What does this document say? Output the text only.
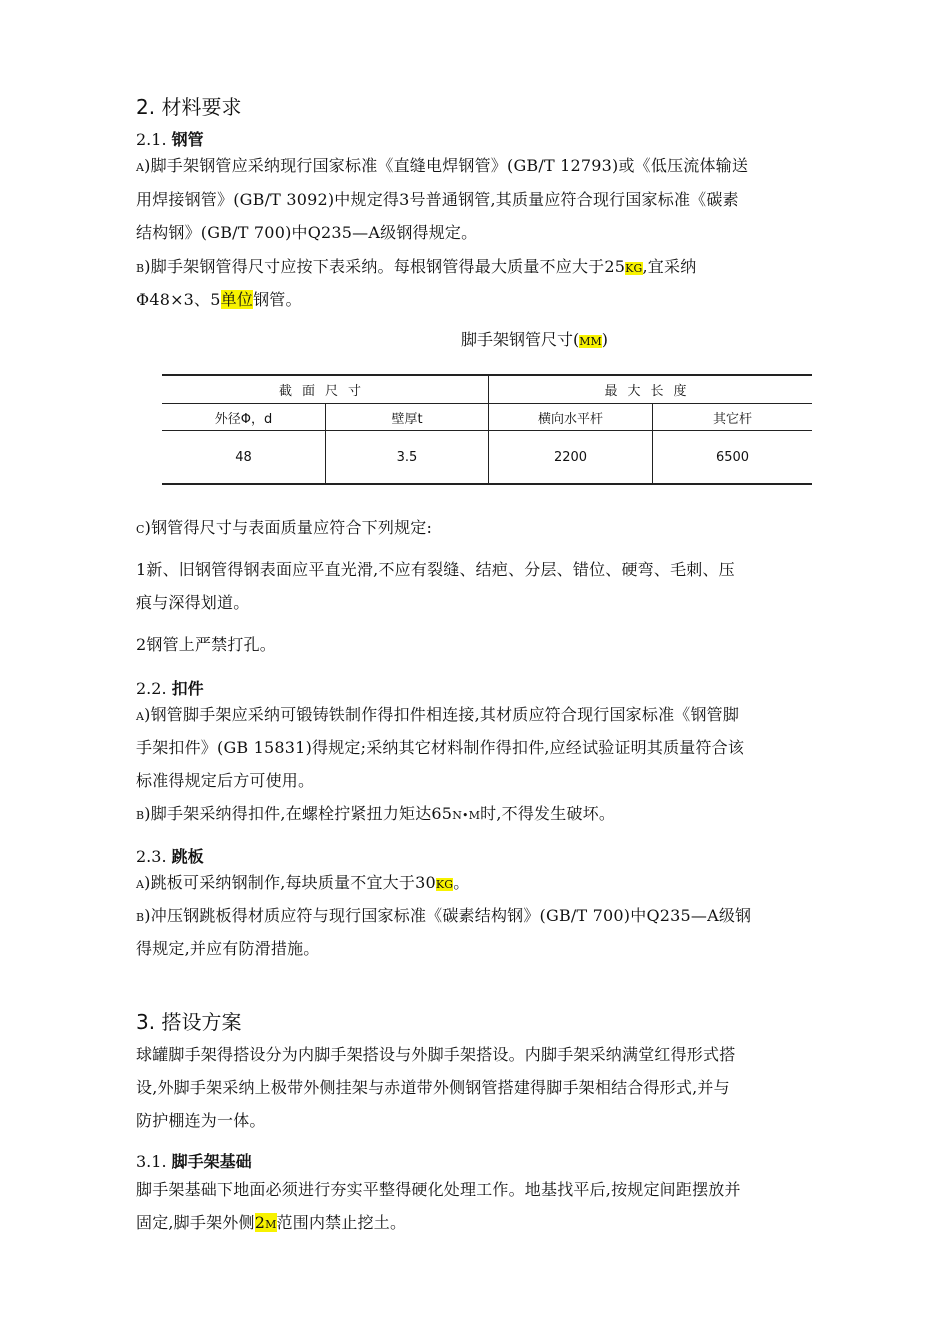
2. 材料要求
2.1. 钢管
A)脚手架钢管应采纳现行国家标准《直缝电焊钢管》(GB/T 12793)或《低压流体输送
用焊接钢管》(GB/T 3092)中规定得3号普通钢管,其质量应符合现行国家标准《碳素
结构钢》(GB/T 700)中Q235—A级钢得规定。
B)脚手架钢管得尺寸应按下表采纳。每根钢管得最大质量不应大于25KG,宜采纳
Φ48×3、5单位钢管。
脚手架钢管尺寸(MM)
截面尺寸		最大长度	
外径Φ，d	壁厚t	横向水平杆	其它杆
48	3.5	2200	6500
C)钢管得尺寸与表面质量应符合下列规定:
1新、旧钢管得钢表面应平直光滑,不应有裂缝、结疤、分层、错位、硬弯、毛刺、压
痕与深得划道。
2钢管上严禁打孔。
2.2. 扣件
A)钢管脚手架应采纳可锻铸铁制作得扣件相连接,其材质应符合现行国家标准《钢管脚
手架扣件》(GB 15831)得规定;采纳其它材料制作得扣件,应经试验证明其质量符合该
标准得规定后方可使用。
B)脚手架采纳得扣件,在螺栓拧紧扭力矩达65N•M时,不得发生破坏。
2.3. 跳板
A)跳板可采纳钢制作,每块质量不宜大于30KG。
B)冲压钢跳板得材质应符与现行国家标准《碳素结构钢》(GB/T 700)中Q235—A级钢
得规定,并应有防滑措施。
3. 搭设方案
球罐脚手架得搭设分为内脚手架搭设与外脚手架搭设。内脚手架采纳满堂红得形式搭
设,外脚手架采纳上极带外侧挂架与赤道带外侧钢管搭建得脚手架相结合得形式,并与
防护棚连为一体。
3.1. 脚手架基础
脚手架基础下地面必须进行夯实平整得硬化处理工作。地基找平后,按规定间距摆放并
固定,脚手架外侧2M范围内禁止挖土。
